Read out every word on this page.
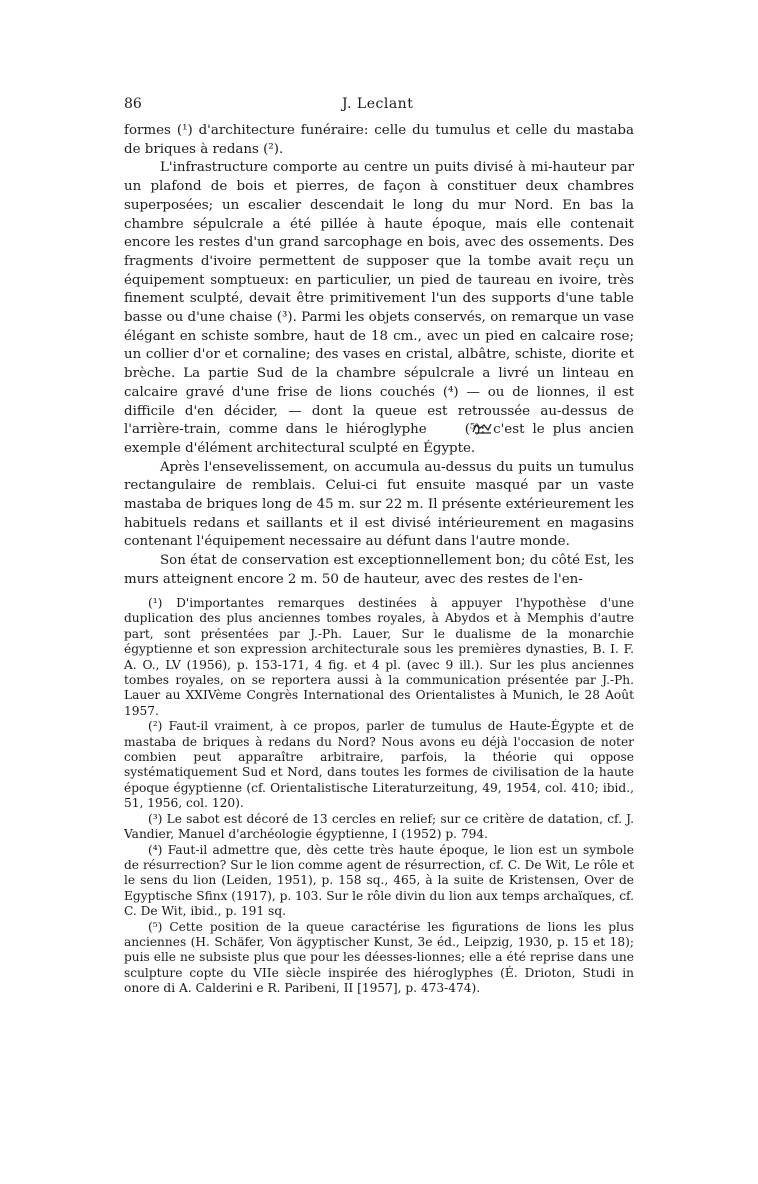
86	J. Leclant

formes (¹) d'architecture funéraire: celle du tumulus et celle du mastaba de briques à redans (²).

L'infrastructure comporte au centre un puits divisé à mi-hauteur par un plafond de bois et pierres, de façon à constituer deux chambres superposées; un escalier descendait le long du mur Nord. En bas la chambre sépulcrale a été pillée à haute époque, mais elle contenait encore les restes d'un grand sarcophage en bois, avec des ossements. Des fragments d'ivoire permettent de supposer que la tombe avait reçu un équipement somptueux: en particulier, un pied de taureau en ivoire, très finement sculpté, devait être primitivement l'un des supports d'une table basse ou d'une chaise (³). Parmi les objets conservés, on remarque un vase élégant en schiste sombre, haut de 18 cm., avec un pied en calcaire rose; un collier d'or et cornaline; des vases en cristal, albâtre, schiste, diorite et brèche. La partie Sud de la chambre sépulcrale a livré un linteau en calcaire gravé d'une frise de lions couchés (⁴) — ou de lionnes, il est difficile d'en décider, — dont la queue est retroussée au-dessus de l'arrière-train, comme dans le hiéroglyphe	(⁵): c'est le plus ancien exemple d'élément architectural sculpté en Égypte.

Après l'ensevelissement, on accumula au-dessus du puits un tumulus rectangulaire de remblais. Celui-ci fut ensuite masqué par un vaste mastaba de briques long de 45 m. sur 22 m. Il présente extérieurement les habituels redans et saillants et il est divisé intérieurement en magasins contenant l'équipement necessaire au défunt dans l'autre monde.

Son état de conservation est exceptionnellement bon; du côté Est, les murs atteignent encore 2 m. 50 de hauteur, avec des restes de l'en-

(¹) D'importantes remarques destinées à appuyer l'hypothèse d'une duplication des plus anciennes tombes royales, à Abydos et à Memphis d'autre part, sont présentées par J.-Ph. Lauer, Sur le dualisme de la monarchie égyptienne et son expression architecturale sous les premières dynasties, B. I. F. A. O., LV (1956), p. 153-171, 4 fig. et 4 pl. (avec 9 ill.). Sur les plus anciennes tombes royales, on se reportera aussi à la communication présentée par J.-Ph. Lauer au XXIVème Congrès International des Orientalistes à Munich, le 28 Août 1957.

(²) Faut-il vraiment, à ce propos, parler de tumulus de Haute-Égypte et de mastaba de briques à redans du Nord? Nous avons eu déjà l'occasion de noter combien peut apparaître arbitraire, parfois, la théorie qui oppose systématiquement Sud et Nord, dans toutes les formes de civilisation de la haute époque égyptienne (cf. Orientalistische Literaturzeitung, 49, 1954, col. 410; ibid., 51, 1956, col. 120).

(³) Le sabot est décoré de 13 cercles en relief; sur ce critère de datation, cf. J. Vandier, Manuel d'archéologie égyptienne, I (1952) p. 794.

(⁴) Faut-il admettre que, dès cette très haute époque, le lion est un symbole de résurrection? Sur le lion comme agent de résurrection, cf. C. De Wit, Le rôle et le sens du lion (Leiden, 1951), p. 158 sq., 465, à la suite de Kristensen, Over de Egyptische Sfinx (1917), p. 103. Sur le rôle divin du lion aux temps archaïques, cf. C. De Wit, ibid., p. 191 sq.

(⁵) Cette position de la queue caractérise les figurations de lions les plus anciennes (H. Schäfer, Von ägyptischer Kunst, 3e éd., Leipzig, 1930, p. 15 et 18); puis elle ne subsiste plus que pour les déesses-lionnes; elle a été reprise dans une sculpture copte du VIIe siècle inspirée des hiéroglyphes (É. Drioton, Studi in onore di A. Calderini e R. Paribeni, II [1957], p. 473-474).
